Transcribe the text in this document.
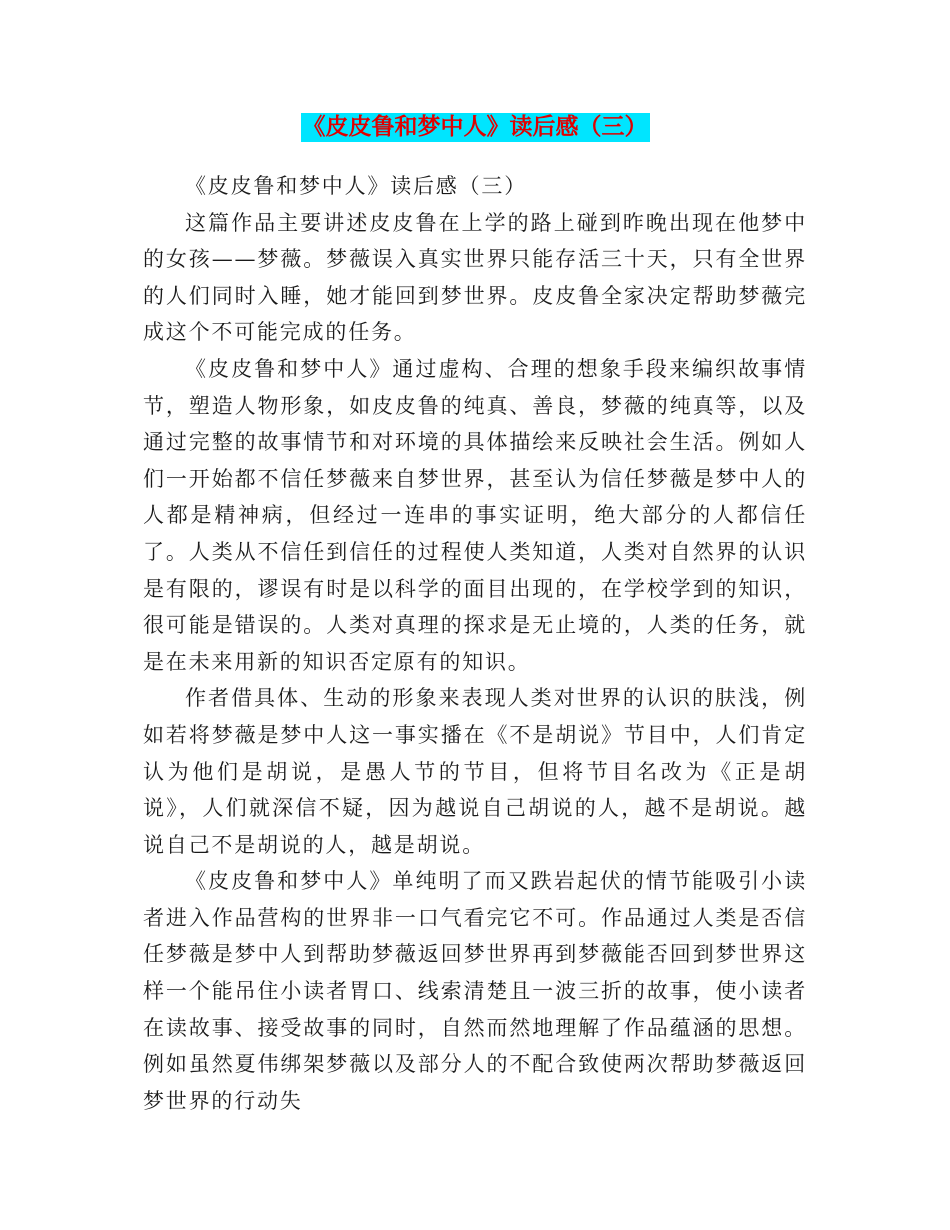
《皮皮鲁和梦中人》读后感（三）

《皮皮鲁和梦中人》读后感（三）

这篇作品主要讲述皮皮鲁在上学的路上碰到昨晚出现在他梦中的女孩——梦薇。梦薇误入真实世界只能存活三十天，只有全世界的人们同时入睡，她才能回到梦世界。皮皮鲁全家决定帮助梦薇完成这个不可能完成的任务。

《皮皮鲁和梦中人》通过虚构、合理的想象手段来编织故事情节，塑造人物形象，如皮皮鲁的纯真、善良，梦薇的纯真等，以及通过完整的故事情节和对环境的具体描绘来反映社会生活。例如人们一开始都不信任梦薇来自梦世界，甚至认为信任梦薇是梦中人的人都是精神病，但经过一连串的事实证明，绝大部分的人都信任了。人类从不信任到信任的过程使人类知道，人类对自然界的认识是有限的，谬误有时是以科学的面目出现的，在学校学到的知识，很可能是错误的。人类对真理的探求是无止境的，人类的任务，就是在未来用新的知识否定原有的知识。

作者借具体、生动的形象来表现人类对世界的认识的肤浅，例如若将梦薇是梦中人这一事实播在《不是胡说》节目中，人们肯定认为他们是胡说，是愚人节的节目，但将节目名改为《正是胡说》，人们就深信不疑，因为越说自己胡说的人，越不是胡说。越说自己不是胡说的人，越是胡说。

《皮皮鲁和梦中人》单纯明了而又跌岩起伏的情节能吸引小读者进入作品营构的世界非一口气看完它不可。作品通过人类是否信任梦薇是梦中人到帮助梦薇返回梦世界再到梦薇能否回到梦世界这样一个能吊住小读者胃口、线索清楚且一波三折的故事，使小读者在读故事、接受故事的同时，自然而然地理解了作品蕴涵的思想。例如虽然夏伟绑架梦薇以及部分人的不配合致使两次帮助梦薇返回梦世界的行动失
